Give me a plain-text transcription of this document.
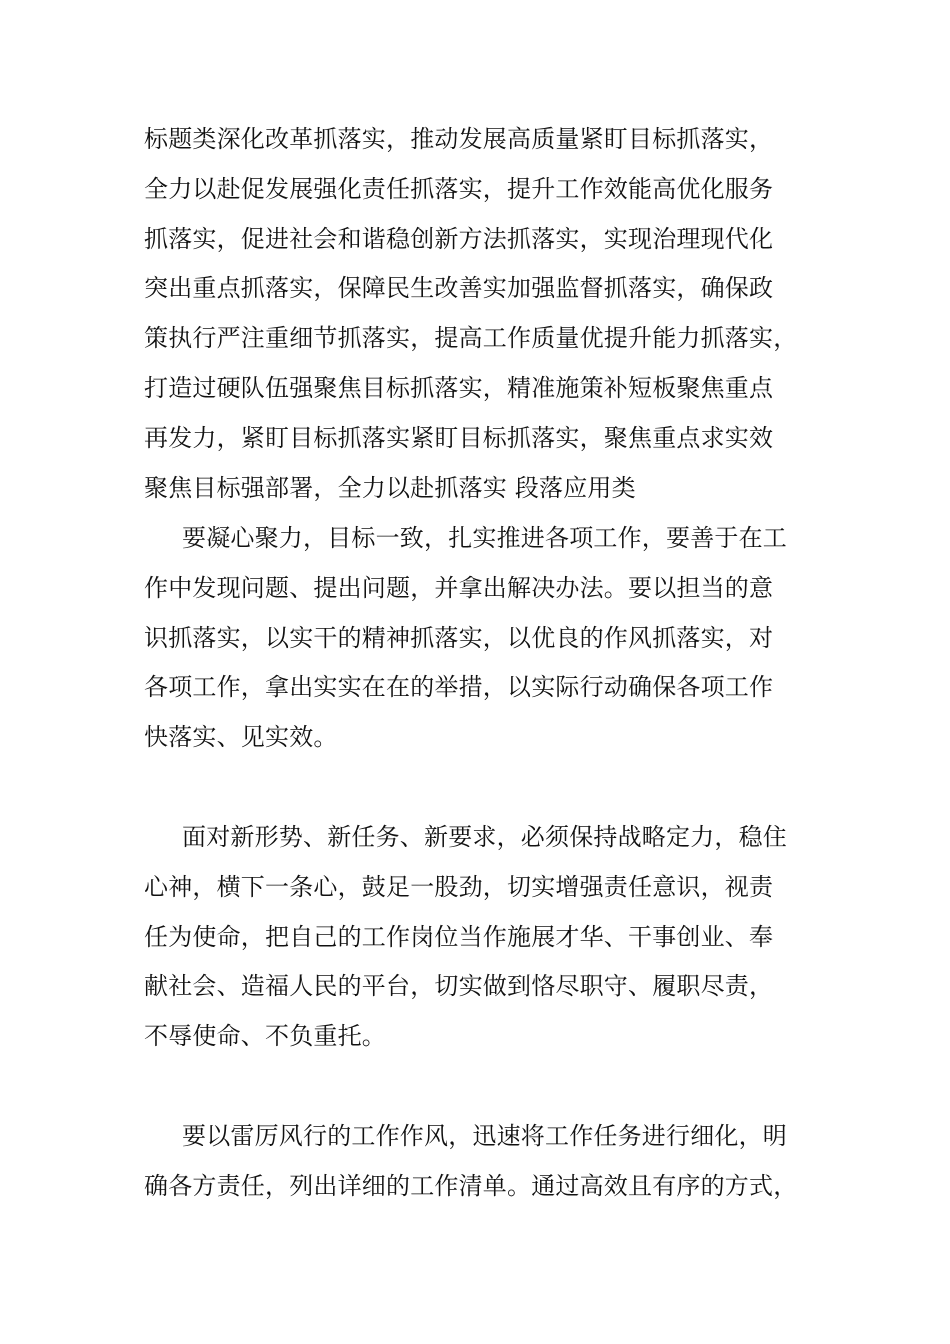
标题类深化改革抓落实，推动发展高质量紧盯目标抓落实，
全力以赴促发展强化责任抓落实，提升工作效能高优化服务
抓落实，促进社会和谐稳创新方法抓落实，实现治理现代化
突出重点抓落实，保障民生改善实加强监督抓落实，确保政
策执行严注重细节抓落实，提高工作质量优提升能力抓落实，
打造过硬队伍强聚焦目标抓落实，精准施策补短板聚焦重点
再发力，紧盯目标抓落实紧盯目标抓落实，聚焦重点求实效
聚焦目标强部署，全力以赴抓落实 段落应用类
要凝心聚力，目标一致，扎实推进各项工作，要善于在工
作中发现问题、提出问题，并拿出解决办法。要以担当的意
识抓落实，以实干的精神抓落实，以优良的作风抓落实，对
各项工作，拿出实实在在的举措，以实际行动确保各项工作
快落实、见实效。
面对新形势、新任务、新要求，必须保持战略定力，稳住
心神，横下一条心，鼓足一股劲，切实增强责任意识，视责
任为使命，把自己的工作岗位当作施展才华、干事创业、奉
献社会、造福人民的平台，切实做到恪尽职守、履职尽责，
不辱使命、不负重托。
要以雷厉风行的工作作风，迅速将工作任务进行细化，明
确各方责任，列出详细的工作清单。通过高效且有序的方式，
